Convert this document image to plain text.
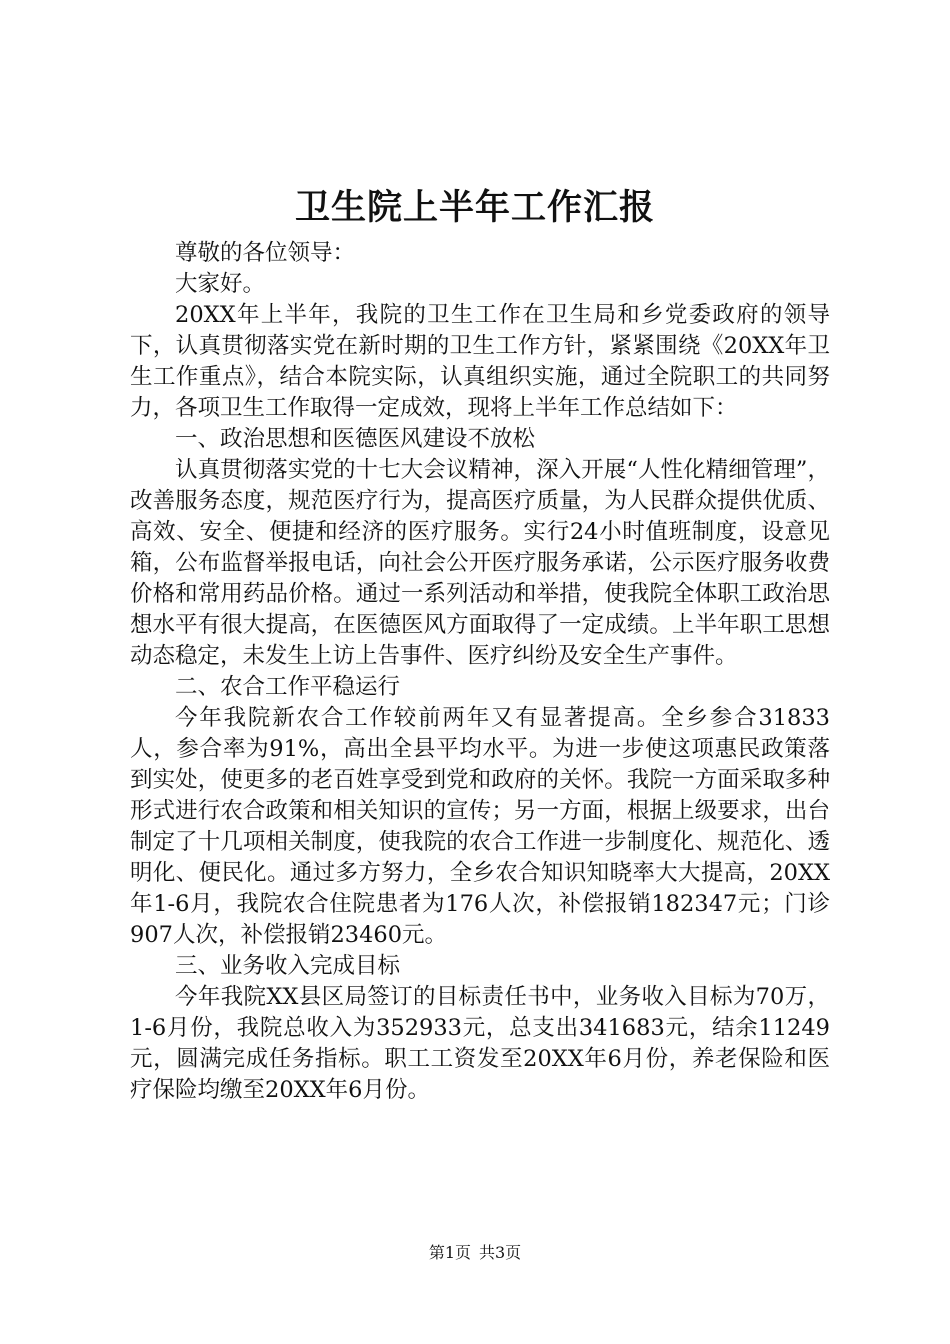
卫生院上半年工作汇报

尊敬的各位领导：

大家好。

20XX年上半年，我院的卫生工作在卫生局和乡党委政府的领导下，认真贯彻落实党在新时期的卫生工作方针，紧紧围绕《20XX年卫生工作重点》，结合本院实际，认真组织实施，通过全院职工的共同努力，各项卫生工作取得一定成效，现将上半年工作总结如下：

一、政治思想和医德医风建设不放松

认真贯彻落实党的十七大会议精神，深入开展“人性化精细管理”，改善服务态度，规范医疗行为，提高医疗质量，为人民群众提供优质、高效、安全、便捷和经济的医疗服务。实行24小时值班制度，设意见箱，公布监督举报电话，向社会公开医疗服务承诺，公示医疗服务收费价格和常用药品价格。通过一系列活动和举措，使我院全体职工政治思想水平有很大提高，在医德医风方面取得了一定成绩。上半年职工思想动态稳定，未发生上访上告事件、医疗纠纷及安全生产事件。

二、农合工作平稳运行

今年我院新农合工作较前两年又有显著提高。全乡参合31833人，参合率为91%，高出全县平均水平。为进一步使这项惠民政策落到实处，使更多的老百姓享受到党和政府的关怀。我院一方面采取多种形式进行农合政策和相关知识的宣传；另一方面，根据上级要求，出台制定了十几项相关制度，使我院的农合工作进一步制度化、规范化、透明化、便民化。通过多方努力，全乡农合知识知晓率大大提高，20XX年1-6月，我院农合住院患者为176人次，补偿报销182347元；门诊907人次，补偿报销23460元。

三、业务收入完成目标

今年我院XX县区局签订的目标责任书中，业务收入目标为70万，1-6月份，我院总收入为352933元，总支出341683元，结余11249元，圆满完成任务指标。职工工资发至20XX年6月份，养老保险和医疗保险均缴至20XX年6月份。

第1页 共3页
